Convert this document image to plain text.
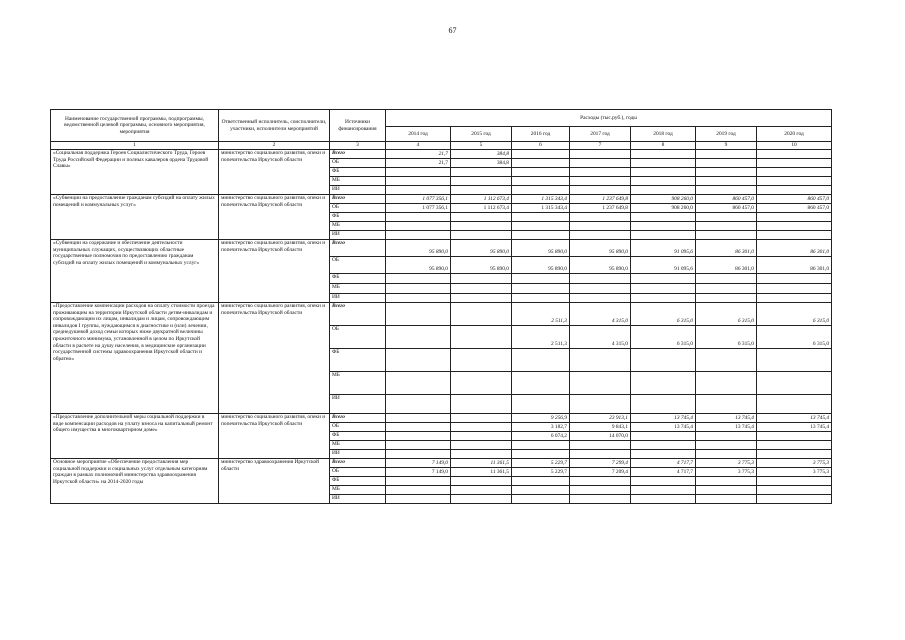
67
Наименование государственной программы, подпрограммы, ведомственной целевой программы, основного мероприятия, мероприятия	Ответственный исполнитель, соисполнители, участники, исполнители мероприятий	Источники финансирования	Расходы (тыс.руб.), годы						
			2014 год	2015 год	2016 год	2017 год	2018 год	2019 год	2020 год
1	2	3	4	5	6	7	8	9	10
«Социальная поддержка Героев Социалистического Труда, Героев Труда Российской Федерации и полных кавалеров ордена Трудовой Славы»	министерство социального развития, опеки и попечительства Иркутской области	Всего	21,7	384,8					
		ОБ	21,7	384,8					
		ФБ							
		МБ							
		ИИ							
«Субвенции на предоставление гражданам субсидий на оплату жилых помещений и коммунальных услуг»	министерство социального развития, опеки и попечительства Иркутской области	Всего	1 077 356,1	1 112 673,4	1 315 343,4	1 237 649,8	908 260,0	860 457,0	860 457,0
		ОБ	1 077 356,1	1 112 673,4	1 315 343,4	1 237 649,8	908 260,0	860 457,0	860 457,0
		ФБ							
		МБ							
		ИИ							
«Субвенции на содержание и обеспечение деятельности муниципальных служащих, осуществляющих областные государственные полномочия по предоставлению гражданам субсидий на оплату жилых помещений и коммунальных услуг»	министерство социального развития, опеки и попечительства Иркутской области	Всего	95 890,0	95 890,0	95 890,0	95 890,0	91 095,6	86 301,0	86 301,0
		ОБ	95 890,0	95 890,0	95 890,0	95 890,0	91 095,6	86 301,0	86 301,0
		ФБ							
		МБ							
		ИИ							
«Предоставление компенсации расходов на оплату стоимости проезда проживающим на территории Иркутской области детям-инвалидам и сопровождающим их лицам, инвалидам и лицам, сопровождающим инвалидов I группы, нуждающимся в диагностике и (или) лечении, среднедушевой доход семьи которых ниже двукратной величины прожиточного минимума, установленной в целом по Иркутской области в расчете на душу населения, в медицинские организации государственной системы здравоохранения Иркутской области и обратно»	министерство социального развития, опеки и попечительства Иркутской области	Всего			2 511,3	4 315,0	6 315,0	6 315,0	6 315,0
		ОБ			2 511,3	4 315,0	6 315,0	6 315,0	6 315,0
		ФБ							
		МБ							
		ИИ							
«Предоставление дополнительной меры социальной поддержки в виде компенсации расходов на уплату взноса на капитальный ремонт общего имущества в многоквартирном доме»	министерство социального развития, опеки и попечительства Иркутской области	Всего			9 256,9	23 913,1	13 745,4	13 745,4	13 745,4
		ОБ			3 182,7	9 843,1	13 745,4	13 745,4	13 745,4
		ФБ			6 074,2	14 070,0			
		МБ							
		ИИ							
Основное мероприятие «Обеспечение предоставления мер социальной поддержки и социальных услуг отдельным категориям граждан в рамках полномочий министерства здравоохранения Иркутской области» на 2014-2020 годы	министерство здравоохранения Иркутской области	Всего	7 149,0	11 361,5	5 229,7	7 299,4	4 717,7	3 775,3	3 775,3
		ОБ	7 149,0	11 361,5	5 229,7	7 209,4	4 717,7	3 775,3	3 775,3
		ФБ							
		МБ							
		ИИ							
